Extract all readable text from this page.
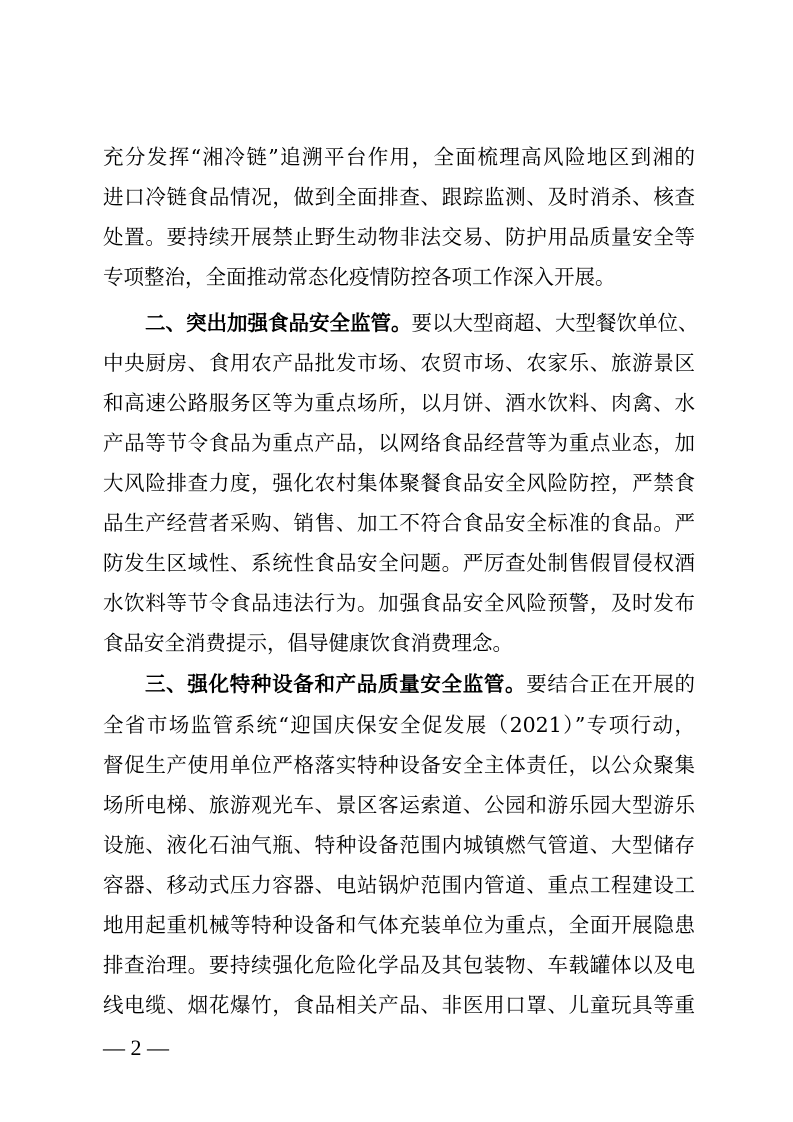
充分发挥“湘冷链”追溯平台作用，全面梳理高风险地区到湘的
进口冷链食品情况，做到全面排查、跟踪监测、及时消杀、核查
处置。要持续开展禁止野生动物非法交易、防护用品质量安全等
专项整治，全面推动常态化疫情防控各项工作深入开展。
二、突出加强食品安全监管。要以大型商超、大型餐饮单位、
中央厨房、食用农产品批发市场、农贸市场、农家乐、旅游景区
和高速公路服务区等为重点场所，以月饼、酒水饮料、肉禽、水
产品等节令食品为重点产品，以网络食品经营等为重点业态，加
大风险排查力度，强化农村集体聚餐食品安全风险防控，严禁食
品生产经营者采购、销售、加工不符合食品安全标准的食品。严
防发生区域性、系统性食品安全问题。严厉查处制售假冒侵权酒
水饮料等节令食品违法行为。加强食品安全风险预警，及时发布
食品安全消费提示，倡导健康饮食消费理念。
三、强化特种设备和产品质量安全监管。要结合正在开展的
全省市场监管系统“迎国庆保安全促发展（2021）”专项行动，
督促生产使用单位严格落实特种设备安全主体责任，以公众聚集
场所电梯、旅游观光车、景区客运索道、公园和游乐园大型游乐
设施、液化石油气瓶、特种设备范围内城镇燃气管道、大型储存
容器、移动式压力容器、电站锅炉范围内管道、重点工程建设工
地用起重机械等特种设备和气体充装单位为重点，全面开展隐患
排查治理。要持续强化危险化学品及其包装物、车载罐体以及电
线电缆、烟花爆竹，食品相关产品、非医用口罩、儿童玩具等重
— 2 —
